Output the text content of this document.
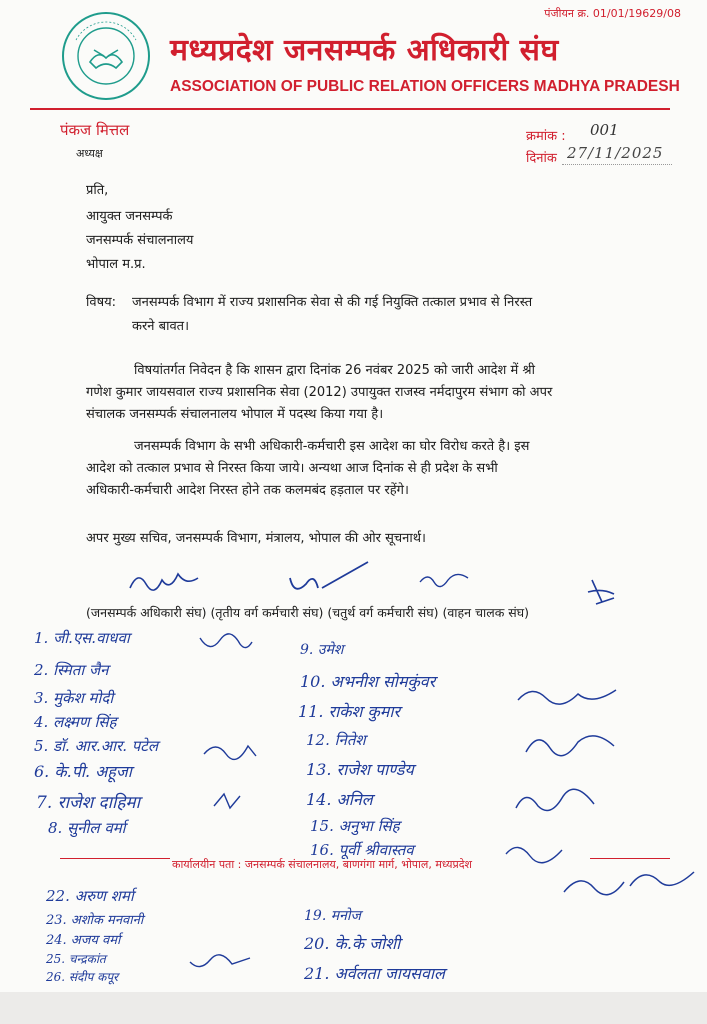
पंजीयन क्र. 01/01/19629/08
मध्यप्रदेश जनसम्पर्क अधिकारी संघ
ASSOCIATION OF PUBLIC RELATION OFFICERS MADHYA PRADESH
पंकज मित्तल
अध्यक्ष
क्रमांक : 001
दिनांक 27/11/2025
प्रति,
आयुक्त जनसम्पर्क
जनसम्पर्क संचालनालय
भोपाल म.प्र.
विषय: जनसम्पर्क विभाग में राज्य प्रशासनिक सेवा से की गई नियुक्ति तत्काल प्रभाव से निरस्त
करने बावत।
विषयांतर्गत निवेदन है कि शासन द्वारा दिनांक 26 नवंबर 2025 को जारी आदेश में श्री
गणेश कुमार जायसवाल राज्य प्रशासनिक सेवा (2012) उपायुक्त राजस्व नर्मदापुरम संभाग को अपर
संचालक जनसम्पर्क संचालनालय भोपाल में पदस्थ किया गया है।
जनसम्पर्क विभाग के सभी अधिकारी-कर्मचारी इस आदेश का घोर विरोध करते है। इस
आदेश को तत्काल प्रभाव से निरस्त किया जाये। अन्यथा आज दिनांक से ही प्रदेश के सभी
अधिकारी-कर्मचारी आदेश निरस्त होने तक कलमबंद हड़ताल पर रहेंगे।
अपर मुख्य सचिव, जनसम्पर्क विभाग, मंत्रालय, भोपाल की ओर सूचनार्थ।
(जनसम्पर्क अधिकारी संघ) (तृतीय वर्ग कर्मचारी संघ) (चतुर्थ वर्ग कर्मचारी संघ) (वाहन चालक संघ)
1. जी.एस.वाधवा
2. स्मिता जैन
3. मुकेश मोदी
4. लक्ष्मण सिंह
5. डॉ. आर.आर. पटेल
6. के.पी. अहूजा
7. राजेश दाहिमा
8. सुनील वर्मा
9. उमेश
10. अभनीश सोमकुंवर
11. राकेश कुमार
12. नितेश
13. राजेश पाण्डेय
14. अनिल
15. अनुभा सिंह
16. पूर्वी श्रीवास्तव
कार्यालयीन पता : जनसम्पर्क संचालनालय, बाणगंगा मार्ग, भोपाल, मध्यप्रदेश
22. अरुण शर्मा
23. अशोक मनवानी
24. अजय वर्मा
25. चन्द्रकांत
26. संदीप कपूर
19. मनोज
20. के.के जोशी
21. अर्वलता जायसवाल
